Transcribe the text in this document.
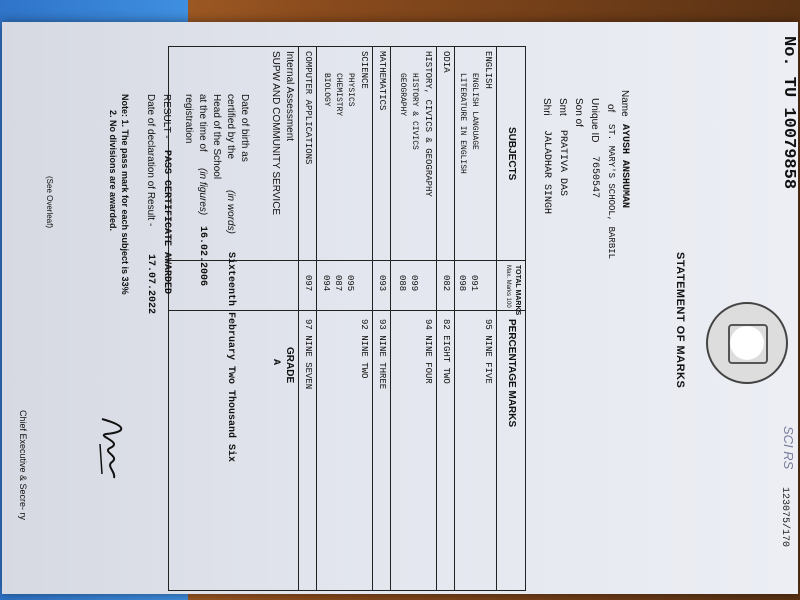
No. TU 10079858
123075/170
SCI RS
STATEMENT OF MARKS
Name
AYUSH ANSHUMAN
of
ST. MARY'S SCHOOL, BARBIL
Unique ID
7650547
Son of
Smt
PRATIVA DAS
Shri
JALADHAR SINGH
SUBJECTS
TOTAL MARKS
Max. Marks 100
PERCENTAGE MARKS
ENGLISH
95 NINE FIVE
ENGLISH LANGUAGE
091
LITERATURE IN ENGLISH
098
ODIA
082
82 EIGHT TWO
HISTORY, CIVICS & GEOGRAPHY
94 NINE FOUR
HISTORY & CIVICS
099
GEOGRAPHY
088
MATHEMATICS
093
93 NINE THREE
SCIENCE
92 NINE TWO
PHYSICS
095
CHEMISTRY
087
BIOLOGY
094
COMPUTER APPLICATIONS
097
97 NINE SEVEN
Internal Assessment
GRADE
SUPW AND COMMUNITY SERVICE
A
Date of birth as
certified by the
(in words)
Sixteenth February Two Thousand Six
Head of the School
at the time of
(in figures)
16.02.2006
registration
RESULT -
PASS CERTIFICATE AWARDED
Date of declaration of Result -
17.07.2022
Note: 1. The pass mark for each subject is 33%
2. No divisions are awarded.
(See Overleaf)
Chief Executive & Secre- ry
